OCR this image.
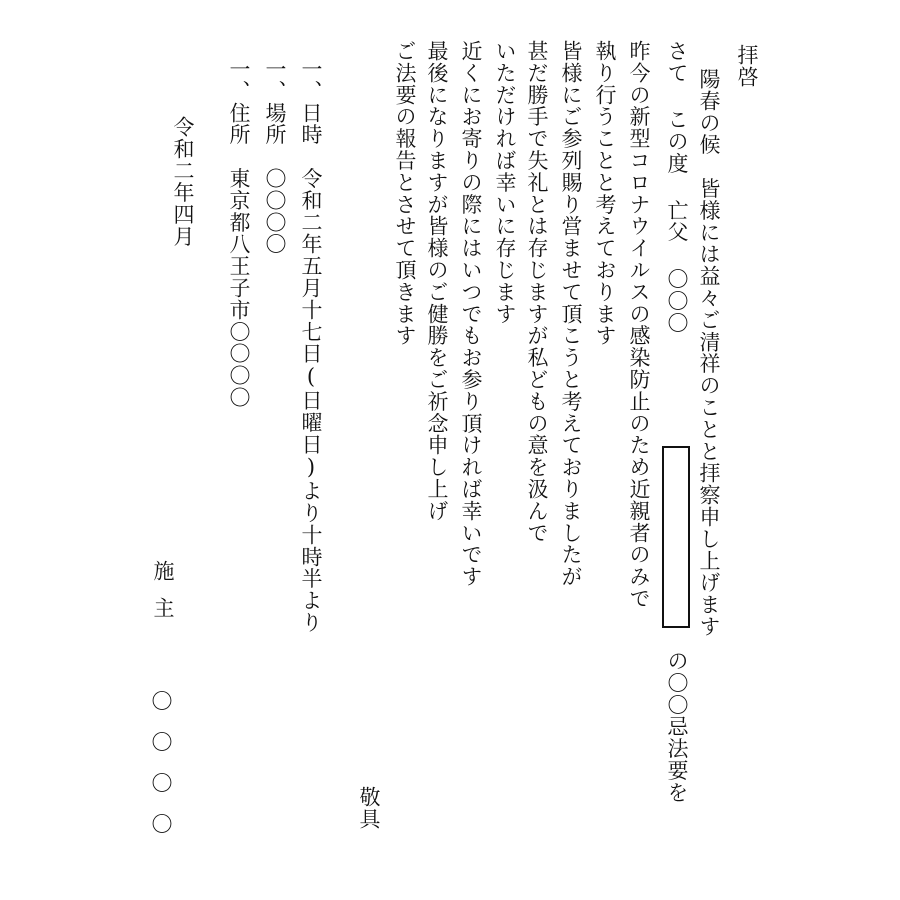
拝啓
陽春の候　皆様には益々ご清祥のことと拝察申し上げます
さて この度 亡父 〇〇〇
の〇〇忌法要を
昨今の新型コロナウイルスの感染防止のため近親者のみで
執り行うことと考えております
皆様にご参列賜り営ませて頂こうと考えておりましたが
甚だ勝手で失礼とは存じますが私どもの意を汲んで
いただければ幸いに存じます
近くにお寄りの際にはいつでもお参り頂ければ幸いです
最後になりますが皆様のご健勝をご祈念申し上げ
ご法要の報告とさせて頂きます
敬具
一、日時　令和二年五月十七日(日曜日)より十時半より
一、場所　〇〇〇〇
一、住所　東京都八王子市〇〇〇〇
令和二年四月
施主
〇〇〇〇
